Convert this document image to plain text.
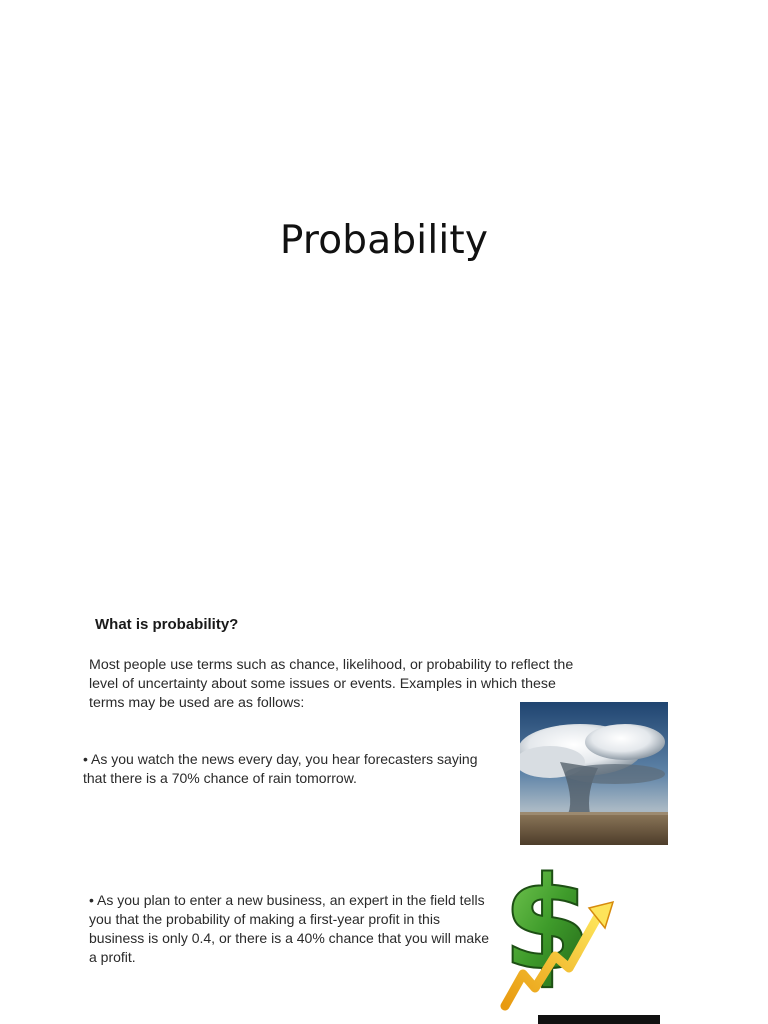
Probability
What is probability?
Most people use terms such as chance, likelihood, or probability to reflect the level of uncertainty about some issues or events. Examples in which these terms may be used are as follows:
• As you watch the news every day, you hear forecasters saying that there is a 70% chance of rain tomorrow.
• As you plan to enter a new business, an expert in the field tells you that the probability of making a first-year profit in this business is only 0.4, or there is a 40% chance that you will make a profit.	$
